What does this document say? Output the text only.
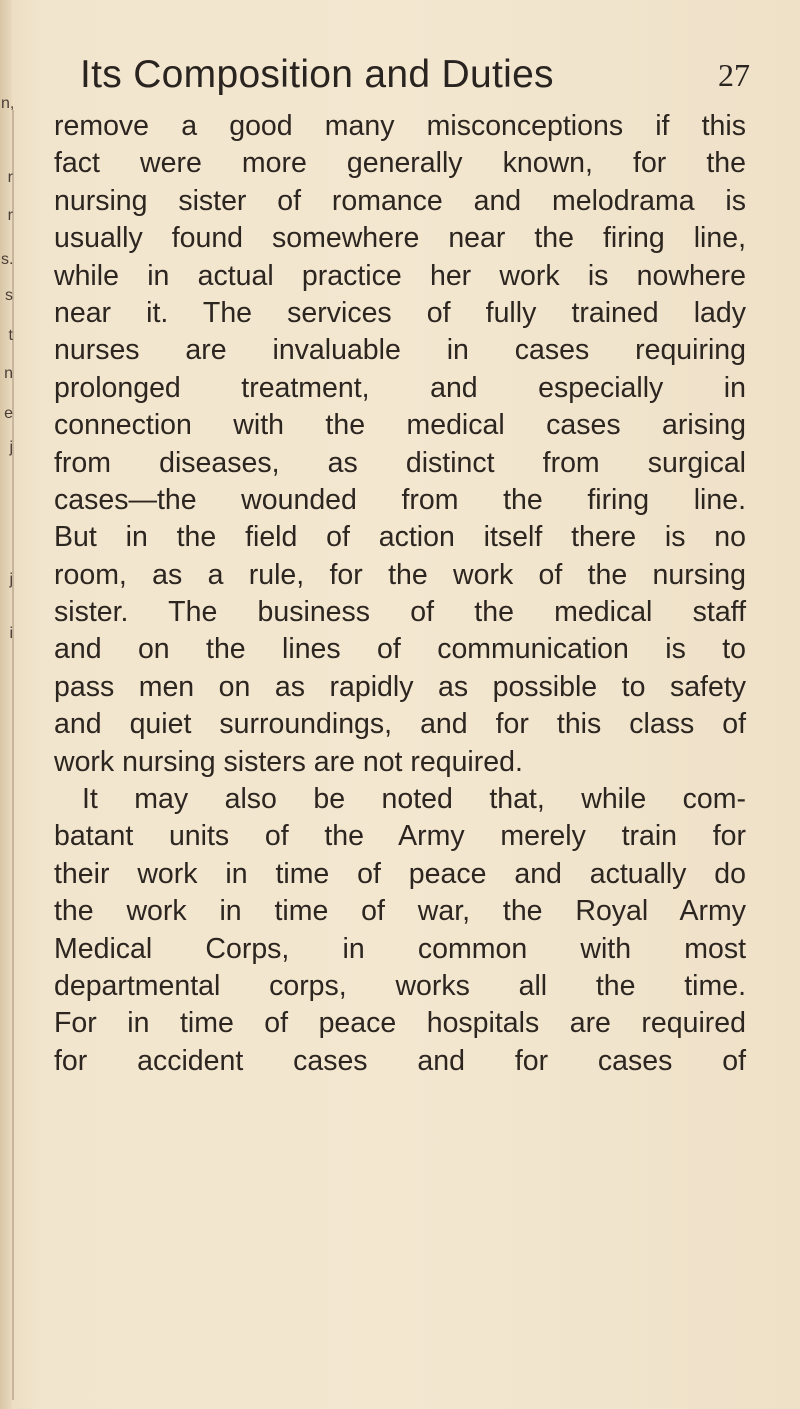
n,
r
r
s.
s
t
n
e
j
j
i
Its Composition and Duties	27
remove a good many misconceptions if this
fact were more generally known, for the
nursing sister of romance and melodrama is
usually found somewhere near the firing line,
while in actual practice her work is nowhere
near it. The services of fully trained lady
nurses are invaluable in cases requiring
prolonged treatment, and especially in
connection with the medical cases arising
from diseases, as distinct from surgical
cases—the wounded from the firing line.
But in the field of action itself there is no
room, as a rule, for the work of the nursing
sister. The business of the medical staff
and on the lines of communication is to
pass men on as rapidly as possible to safety
and quiet surroundings, and for this class of
work nursing sisters are not required.
It may also be noted that, while com-
batant units of the Army merely train for
their work in time of peace and actually do
the work in time of war, the Royal Army
Medical Corps, in common with most
departmental corps, works all the time.
For in time of peace hospitals are required
for accident cases and for cases of
